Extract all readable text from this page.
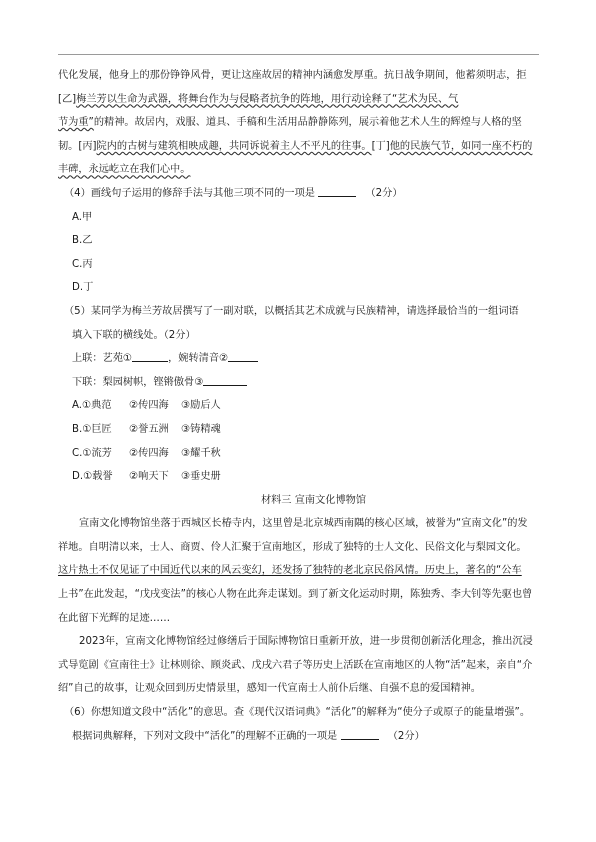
代化发展，他身上的那份铮铮风骨，更让这座故居的精神内涵愈发厚重。抗日战争期间，他蓄须明志，拒

[乙]梅兰芳以生命为武器，将舞台作为与侵略者抗争的阵地，用行动诠释了“艺术为民、气

节为重”的精神。故居内，戏服、道具、手稿和生活用品静静陈列，展示着他艺术人生的辉煌与人格的坚

韧。[丙]院内的古树与建筑相映成趣，共同诉说着主人不平凡的往事。[丁]他的民族气节，如同一座不朽的

丰碑，永远屹立在我们心中。

（4）画线句子运用的修辞手法与其他三项不同的一项是	（2分）
A.甲
B.乙
C.丙
D.丁
（5）某同学为梅兰芳故居撰写了一副对联，以概括其艺术成就与民族精神，请选择最恰当的一组词语
填入下联的横线处。（2分）
上联：艺苑①	，婉转清音②
下联：梨园树帜，铿锵傲骨③
A.①典范	②传四海	③励后人
B.①巨匠	②誉五洲	③铸精魂
C.①流芳	②传四海	③耀千秋
D.①载誉	②响天下	③垂史册
材料三 宣南文化博物馆

宣南文化博物馆坐落于西城区长椿寺内，这里曾是北京城西南隅的核心区域，被誉为“宣南文化”的发

祥地。自明清以来，士人、商贾、伶人汇聚于宣南地区，形成了独特的士人文化、民俗文化与梨园文化。

这片热土不仅见证了中国近代以来的风云变幻，还发扬了独特的老北京民俗风情。历史上，著名的“公车

上书”在此发起，“戊戌变法”的核心人物在此奔走谋划。到了新文化运动时期，陈独秀、李大钊等先驱也曾

在此留下光辉的足迹……

2023年，宣南文化博物馆经过修缮后于国际博物馆日重新开放，进一步贯彻创新活化理念，推出沉浸

式导览剧《宣南往士》让林则徐、顾炎武、戊戌六君子等历史上活跃在宣南地区的人物“活”起来，亲自“介

绍”自己的故事，让观众回到历史情景里，感知一代宣南士人前仆后继、自强不息的爱国精神。

（6）你想知道文段中“活化”的意思。查《现代汉语词典》“活化”的解释为“使分子或原子的能量增强”。
根据词典解释，下列对文段中“活化”的理解不正确的一项是	（2分）
